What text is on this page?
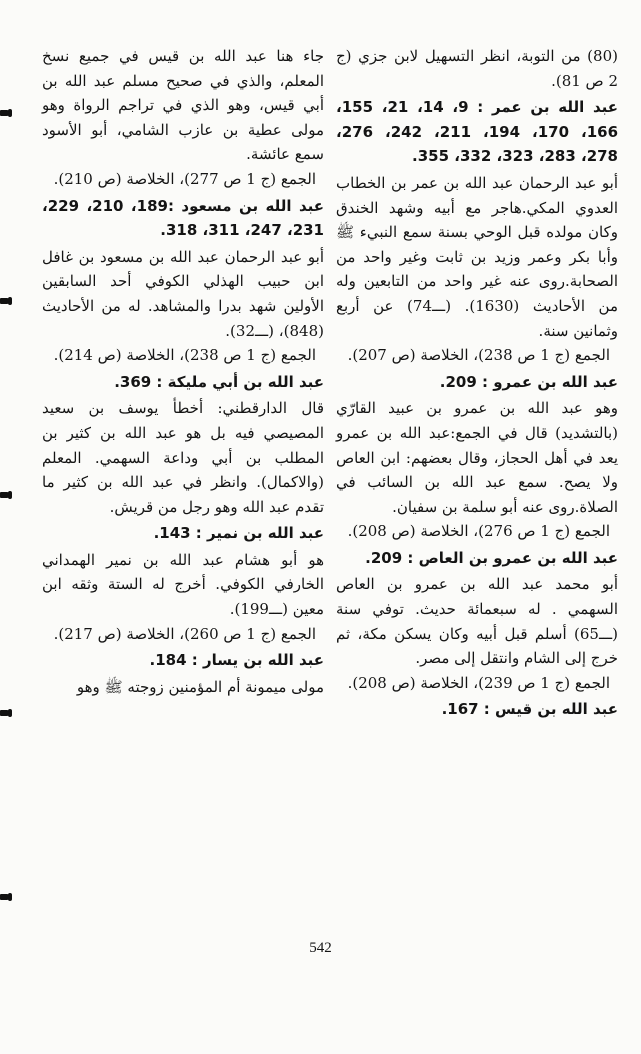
(80) من التوبة، انظر التسهيل لابن جزي (ج 2 ص 81).

عبد الله بن عمر : 9، 14، 21، 155، 166، 170، 194، 211، 242، 276، 278، 283، 323، 332، 355.

أبو عبد الرحمان عبد الله بن عمر بن الخطاب العدوي المكي.هاجر مع أبيه وشهد الخندق وكان مولده قبل الوحي بسنة سمع النبيء ﷺ وأبا بكر وعمر وزيد بن ثابت وغير واحد من الصحابة.روى عنه غير واحد من التابعين وله من الأحاديث (1630). (ـــ74) عن أربع وثمانين سنة.
الجمع (ج 1 ص 238)، الخلاصة (ص 207).

عبد الله بن عمرو : 209.

وهو عبد الله بن عمرو بن عبيد القارّي (بالتشديد) قال في الجمع:عبد الله بن عمرو يعد في أهل الحجاز، وقال بعضهم: ابن العاص ولا يصح. سمع عبد الله بن السائب في الصلاة.روى عنه أبو سلمة بن سفيان.
الجمع (ج 1 ص 276)، الخلاصة (ص 208).

عبد الله بن عمرو بن العاص : 209.

أبو محمد عبد الله بن عمرو بن العاص السهمي . له سبعمائة حديث. توفي سنة (ـــ65) أسلم قبل أبيه وكان يسكن مكة، ثم خرج إلى الشام وانتقل إلى مصر.
الجمع (ج 1 ص 239)، الخلاصة (ص 208).

عبد الله بن قيس : 167.

جاء هنا عبد الله بن قيس في جميع نسخ المعلم، والذي في صحيح مسلم عبد الله بن أبي قيس، وهو الذي في تراجم الرواة وهو مولى عطية بن عازب الشامي، أبو الأسود سمع عائشة.
الجمع (ج 1 ص 277)، الخلاصة (ص 210).

عبد الله بن مسعود :189، 210، 229، 231، 247، 311، 318.

أبو عبد الرحمان عبد الله بن مسعود بن غافل ابن حبيب الهذلي الكوفي أحد السابقين الأولين شهد بدرا والمشاهد. له من الأحاديث (848)، (ـــ32).
الجمع (ج 1 ص 238)، الخلاصة (ص 214).

عبد الله بن أبي مليكة : 369.

قال الدارقطني: أخطأ يوسف بن سعيد المصيصي فيه بل هو عبد الله بن كثير بن المطلب بن أبي وداعة السهمي. المعلم (والاكمال). وانظر في عبد الله بن كثير ما تقدم عبد الله وهو رجل من قريش.

عبد الله بن نمير : 143.

هو أبو هشام عبد الله بن نمير الهمداني الخارفي الكوفي. أخرج له الستة وثقه ابن معين (ـــ199).
الجمع (ج 1 ص 260)، الخلاصة (ص 217).

عبد الله بن يسار : 184.

مولى ميمونة أم المؤمنين زوجته ﷺ وهو

542
